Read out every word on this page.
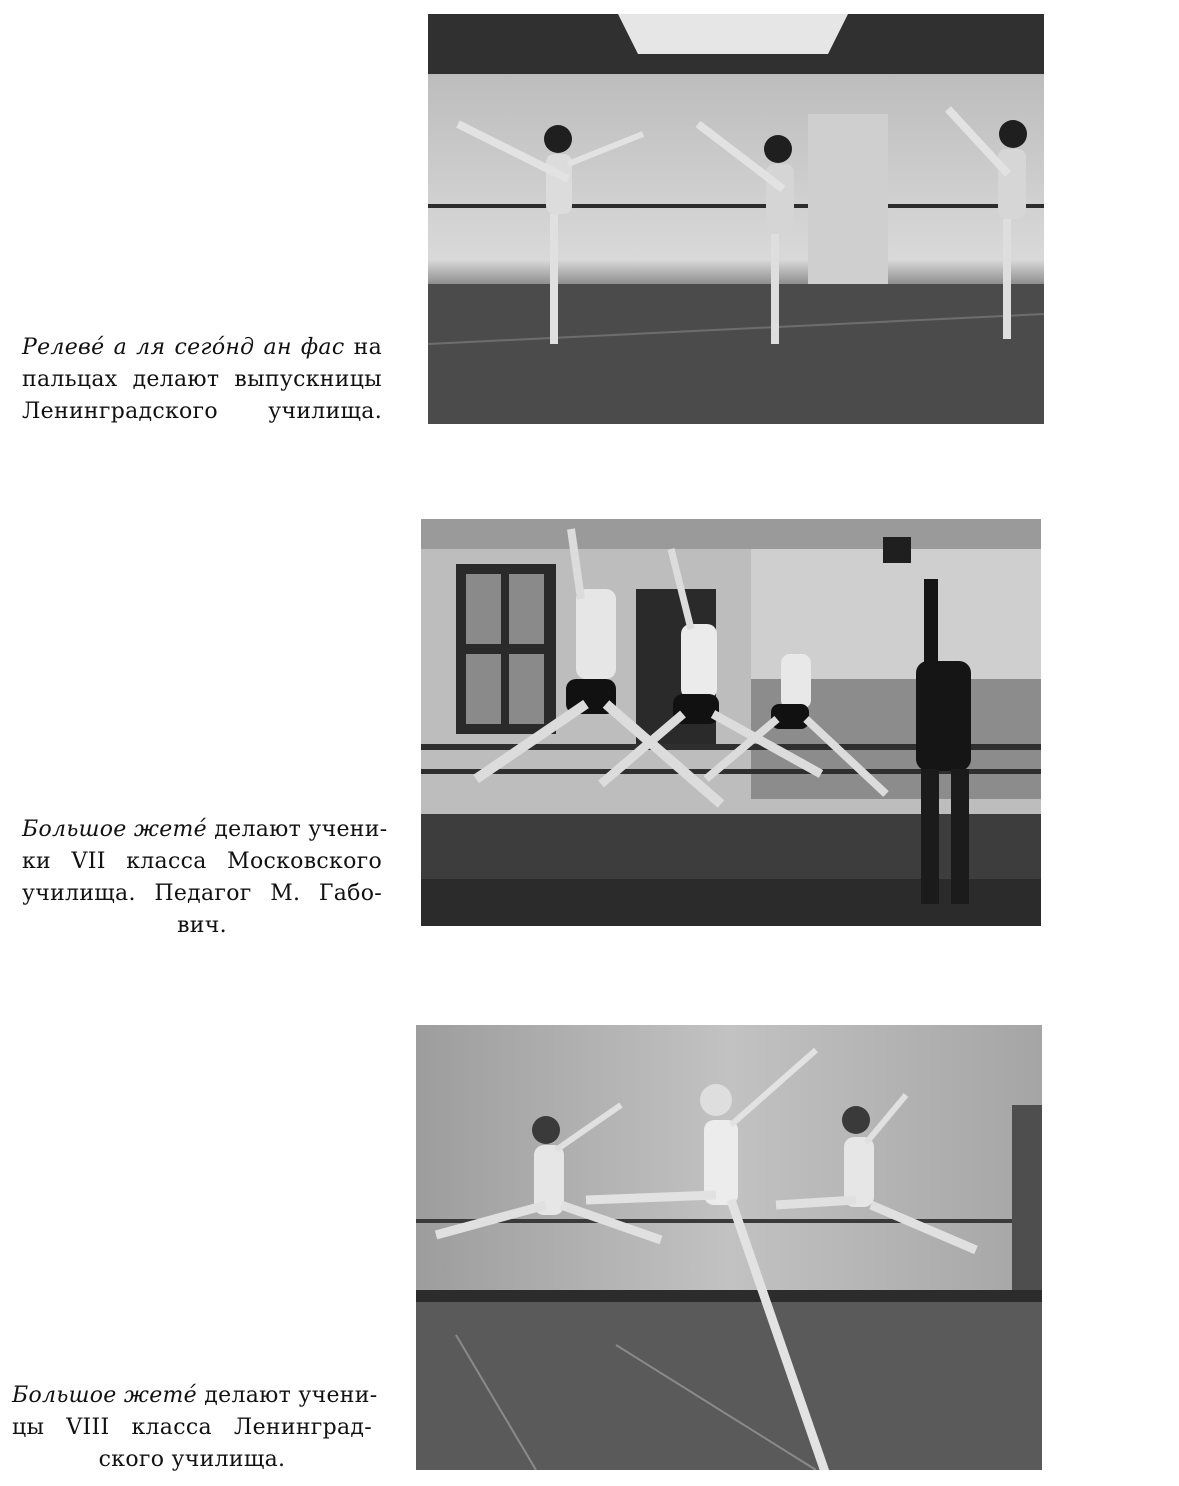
Релеве́ а ля сего́нд ан фас на
пальцах делают выпускницы
Ленинградского училища.
Большое жете́ делают учени-
ки VII класса Московского
училища. Педагог М. Габо-
вич.
Большое жете́ делают учени-
цы VIII класса Ленинград-
ского училища.
